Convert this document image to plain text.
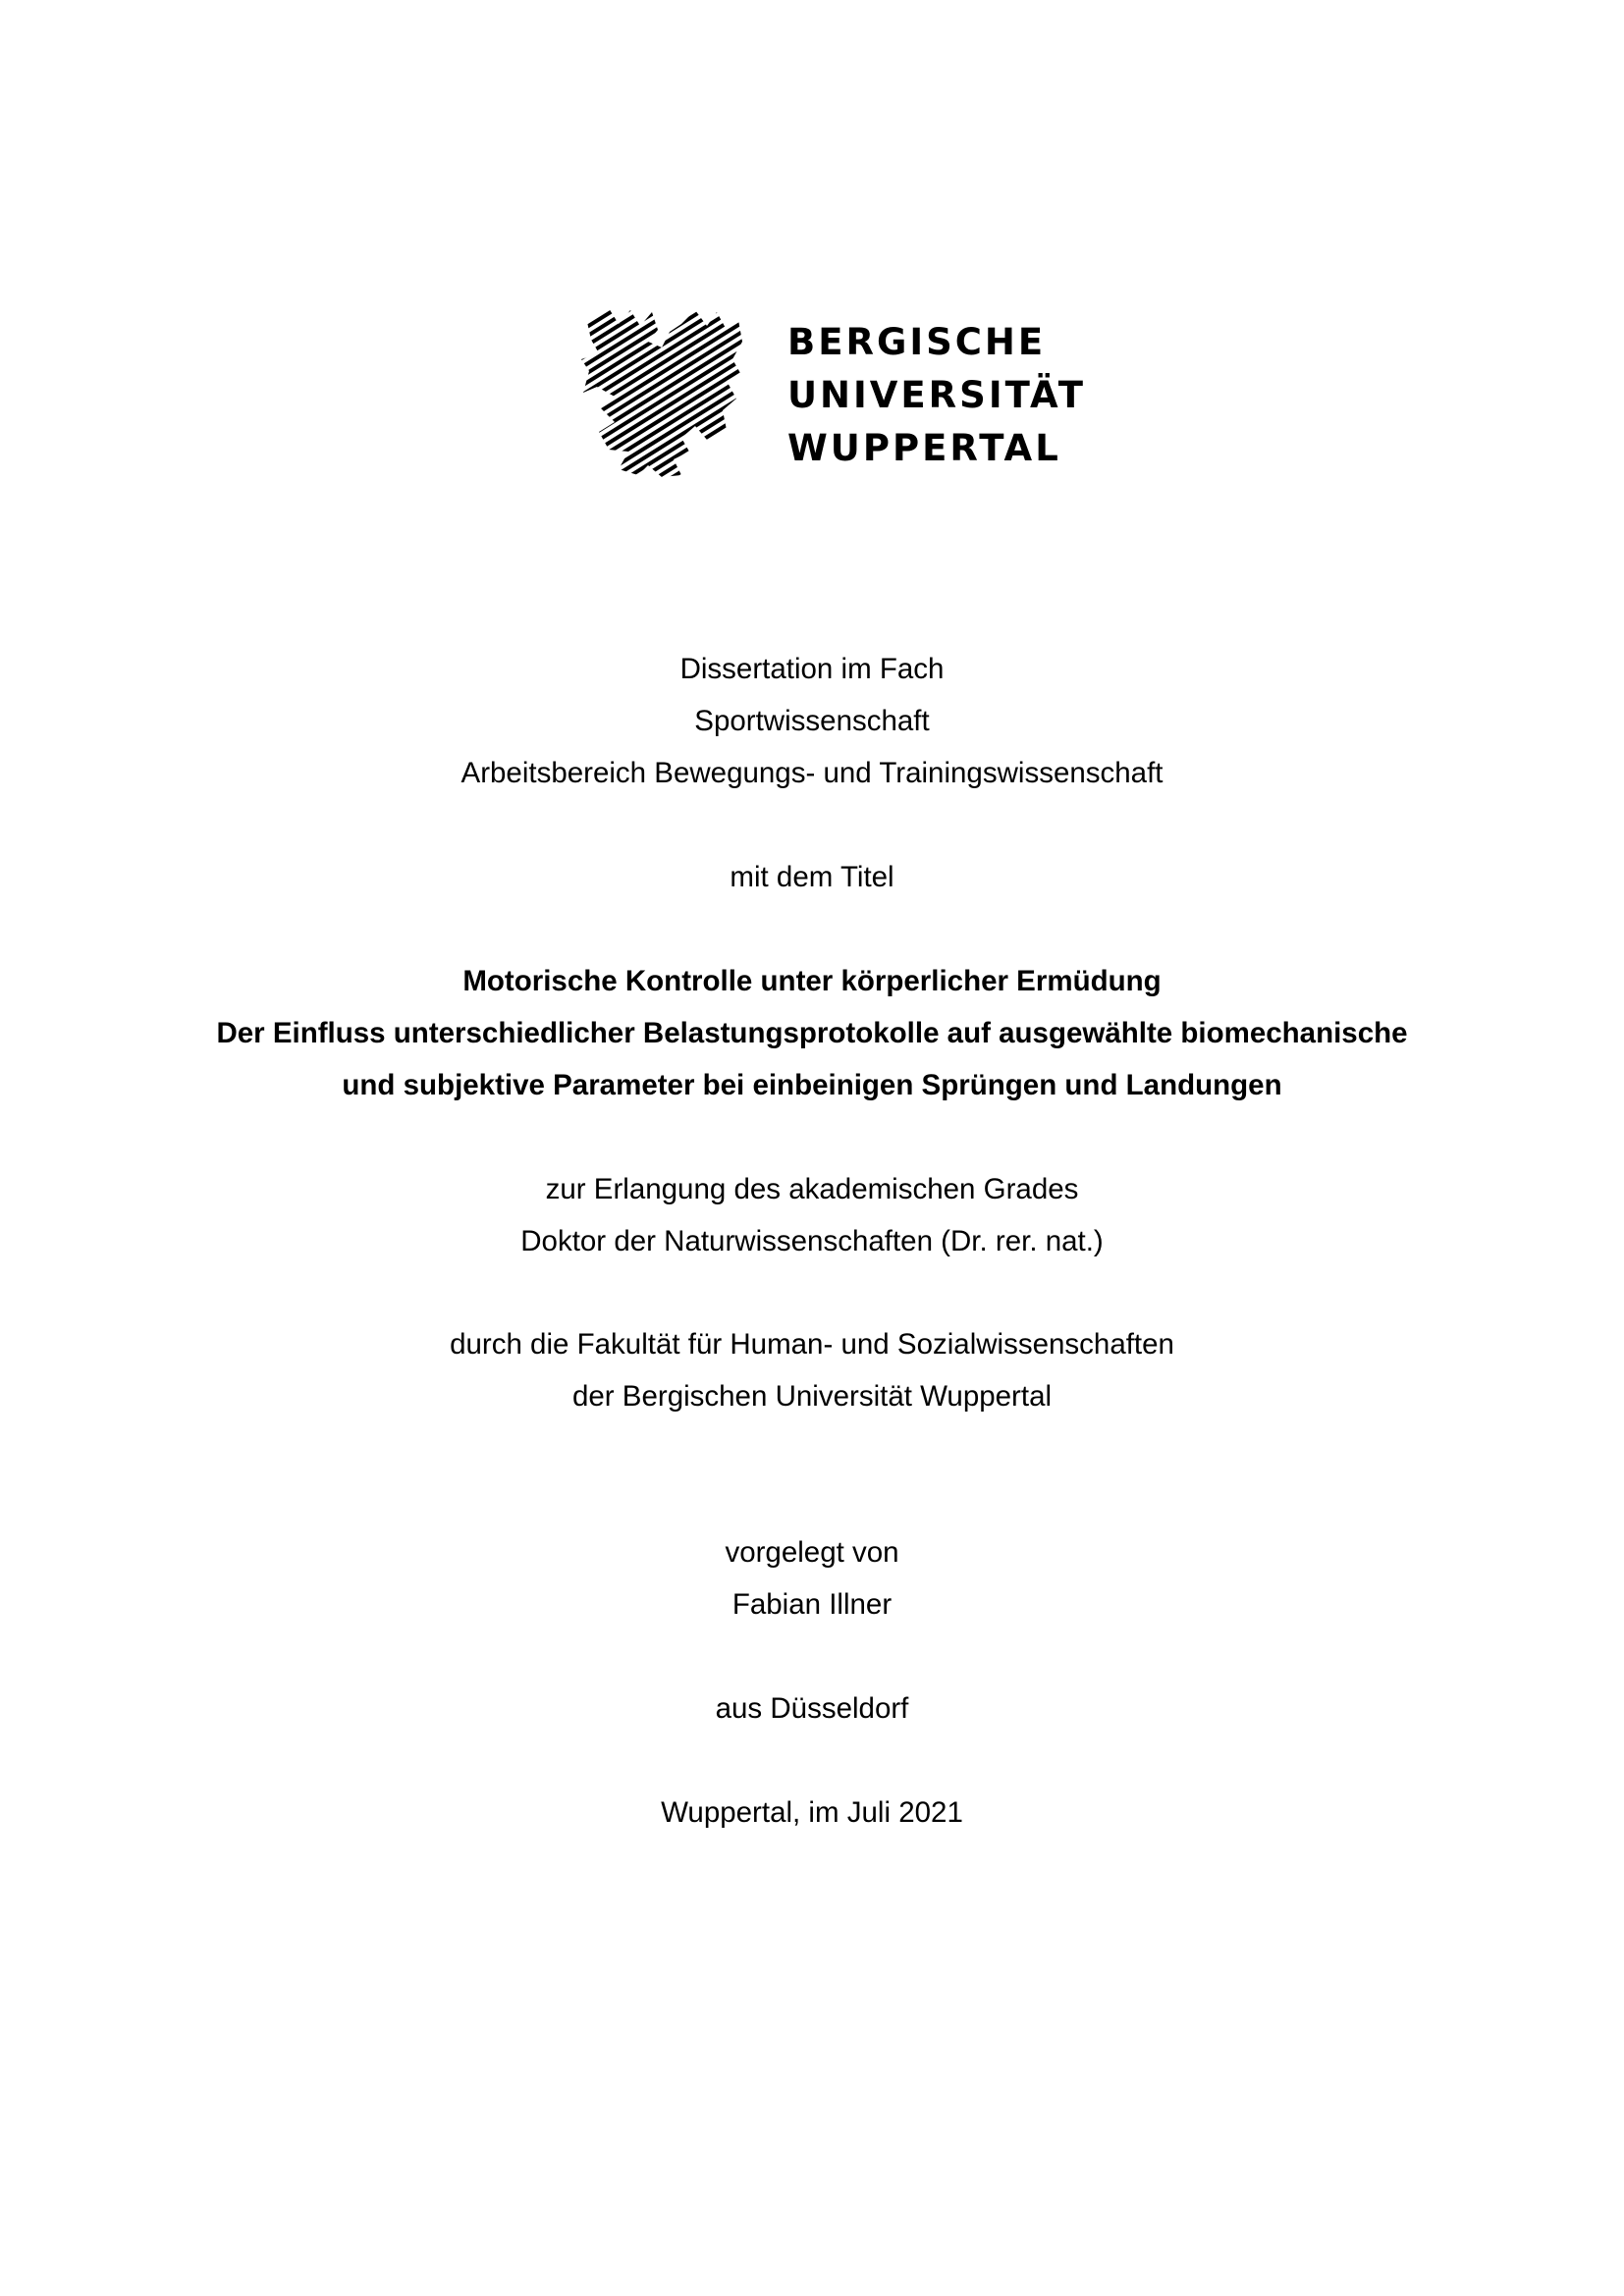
BERGISCHE
UNIVERSITÄT
WUPPERTAL
Dissertation im Fach
Sportwissenschaft
Arbeitsbereich Bewegungs- und Trainingswissenschaft
mit dem Titel
Motorische Kontrolle unter körperlicher Ermüdung
Der Einfluss unterschiedlicher Belastungsprotokolle auf ausgewählte biomechanische
und subjektive Parameter bei einbeinigen Sprüngen und Landungen
zur Erlangung des akademischen Grades
Doktor der Naturwissenschaften (Dr. rer. nat.)
durch die Fakultät für Human- und Sozialwissenschaften
der Bergischen Universität Wuppertal
vorgelegt von
Fabian Illner
aus Düsseldorf
Wuppertal, im Juli 2021
